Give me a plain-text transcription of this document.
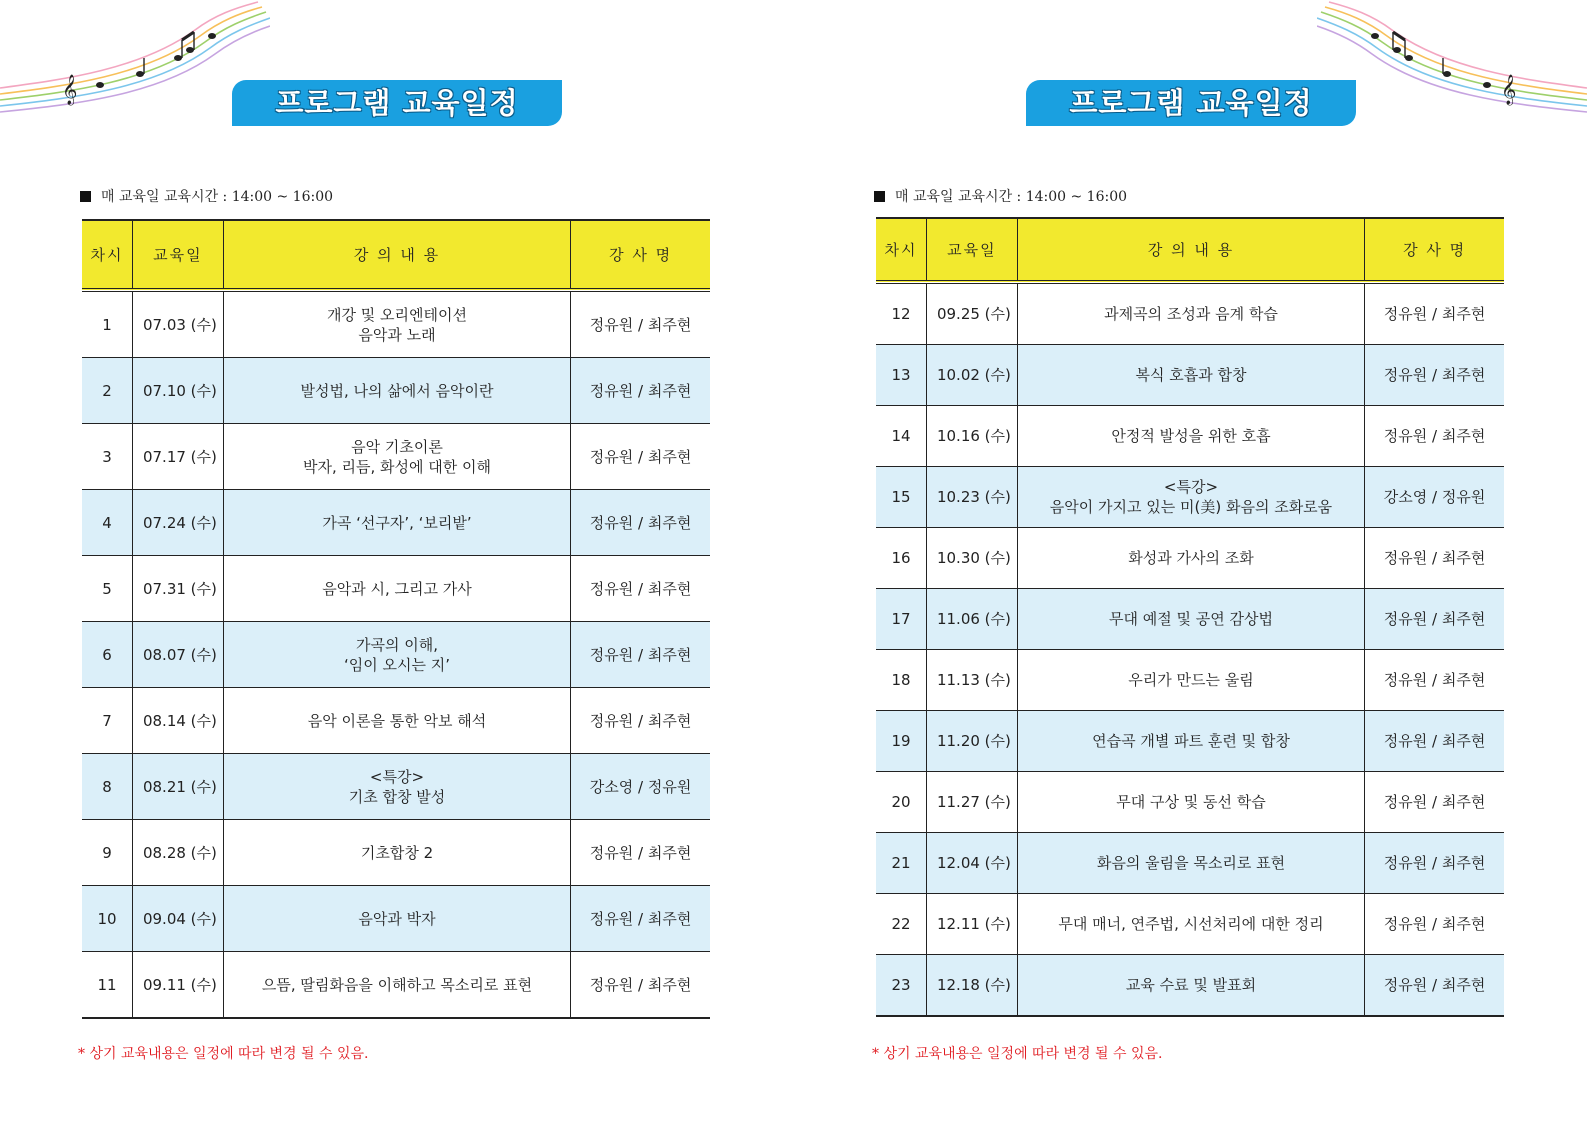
𝄞	프로그램 교육일정
매 교육일 교육시간 : 14:00 ~ 16:00
차시	교육일	강 의 내 용	강 사 명
1	07.03 (수)	개강 및 오리엔테이션
음악과 노래	정유원 / 최주현
2	07.10 (수)	발성법, 나의 삶에서 음악이란	정유원 / 최주현
3	07.17 (수)	음악 기초이론
박자, 리듬, 화성에 대한 이해	정유원 / 최주현
4	07.24 (수)	가곡 ‘선구자’, ‘보리밭’	정유원 / 최주현
5	07.31 (수)	음악과 시, 그리고 가사	정유원 / 최주현
6	08.07 (수)	가곡의 이해,
‘임이 오시는 지’	정유원 / 최주현
7	08.14 (수)	음악 이론을 통한 악보 해석	정유원 / 최주현
8	08.21 (수)	<특강>
기초 합창 발성	강소영 / 정유원
9	08.28 (수)	기초합창 2	정유원 / 최주현
10	09.04 (수)	음악과 박자	정유원 / 최주현
11	09.11 (수)	으뜸, 딸림화음을 이해하고 목소리로 표현	정유원 / 최주현
* 상기 교육내용은 일정에 따라 변경 될 수 있음.
𝄞
프로그램 교육일정
매 교육일 교육시간 : 14:00 ~ 16:00
차시	교육일	강 의 내 용	강 사 명
12	09.25 (수)	과제곡의 조성과 음계 학습	정유원 / 최주현
13	10.02 (수)	복식 호흡과 합창	정유원 / 최주현
14	10.16 (수)	안정적 발성을 위한 호흡	정유원 / 최주현
15	10.23 (수)	<특강>
음악이 가지고 있는 미(美) 화음의 조화로움	강소영 / 정유원
16	10.30 (수)	화성과 가사의 조화	정유원 / 최주현
17	11.06 (수)	무대 예절 및 공연 감상법	정유원 / 최주현
18	11.13 (수)	우리가 만드는 울림	정유원 / 최주현
19	11.20 (수)	연습곡 개별 파트 훈련 및 합창	정유원 / 최주현
20	11.27 (수)	무대 구상 및 동선 학습	정유원 / 최주현
21	12.04 (수)	화음의 울림을 목소리로 표현	정유원 / 최주현
22	12.11 (수)	무대 매너, 연주법, 시선처리에 대한 정리	정유원 / 최주현
23	12.18 (수)	교육 수료 및 발표회	정유원 / 최주현
* 상기 교육내용은 일정에 따라 변경 될 수 있음.
